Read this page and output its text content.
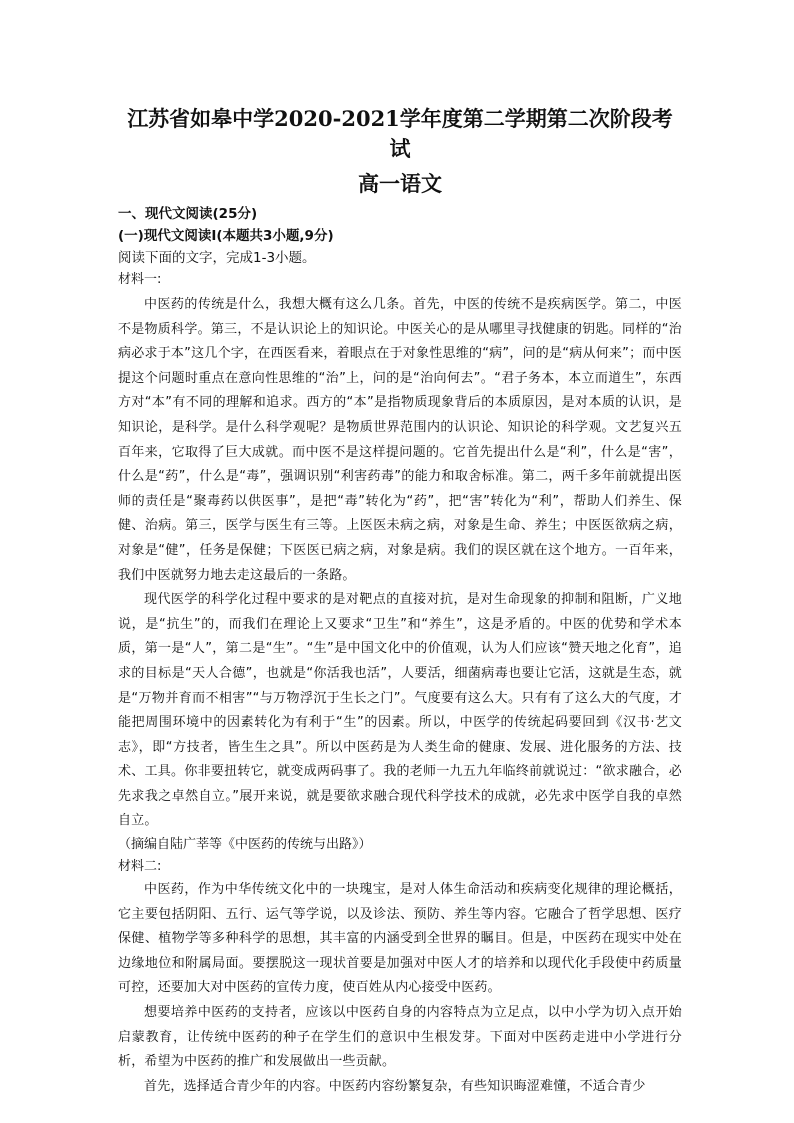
江苏省如皋中学2020-2021学年度第二学期第二次阶段考试

高一语文

一、现代文阅读(25分)

(一)现代文阅读Ⅰ(本题共3小题,9分)

阅读下面的文字，完成1-3小题。

材料一:

中医药的传统是什么，我想大概有这么几条。首先，中医的传统不是疾病医学。第二，中医不是物质科学。第三，不是认识论上的知识论。中医关心的是从哪里寻找健康的钥匙。同样的“治病必求于本”这几个字，在西医看来，着眼点在于对象性思维的“病”，问的是“病从何来”；而中医提这个问题时重点在意向性思维的“治”上，问的是“治向何去”。“君子务本，本立而道生”，东西方对“本”有不同的理解和追求。西方的“本”是指物质现象背后的本质原因，是对本质的认识，是知识论，是科学。是什么科学观呢？是物质世界范围内的认识论、知识论的科学观。文艺复兴五百年来，它取得了巨大成就。而中医不是这样提问题的。它首先提出什么是“利”，什么是“害”，什么是“药”，什么是“毒”，强调识别“利害药毒”的能力和取舍标准。第二，两千多年前就提出医师的责任是“聚毒药以供医事”，是把“毒”转化为“药”，把“害”转化为“利”，帮助人们养生、保健、治病。第三，医学与医生有三等。上医医未病之病，对象是生命、养生；中医医欲病之病，对象是“健”，任务是保健；下医医已病之病，对象是病。我们的误区就在这个地方。一百年来，我们中医就努力地去走这最后的一条路。

现代医学的科学化过程中要求的是对靶点的直接对抗，是对生命现象的抑制和阻断，广义地说，是“抗生”的，而我们在理论上又要求“卫生”和“养生”，这是矛盾的。中医的优势和学术本质，第一是“人”，第二是“生”。“生”是中国文化中的价值观，认为人们应该“赞天地之化育”，追求的目标是“天人合德”，也就是“你活我也活”，人要活，细菌病毒也要让它活，这就是生态，就是“万物并育而不相害”“与万物浮沉于生长之门”。气度要有这么大。只有有了这么大的气度，才能把周围环境中的因素转化为有利于“生”的因素。所以，中医学的传统起码要回到《汉书·艺文志》，即“方技者，皆生生之具”。所以中医药是为人类生命的健康、发展、进化服务的方法、技术、工具。你非要扭转它，就变成两码事了。我的老师一九五九年临终前就说过：“欲求融合，必先求我之卓然自立。”展开来说，就是要欲求融合现代科学技术的成就，必先求中医学自我的卓然自立。

（摘编自陆广莘等《中医药的传统与出路》）

材料二:

中医药，作为中华传统文化中的一块瑰宝，是对人体生命活动和疾病变化规律的理论概括，它主要包括阴阳、五行、运气等学说，以及诊法、预防、养生等内容。它融合了哲学思想、医疗保健、植物学等多种科学的思想，其丰富的内涵受到全世界的瞩目。但是，中医药在现实中处在边缘地位和附属局面。要摆脱这一现状首要是加强对中医人才的培养和以现代化手段使中药质量可控，还要加大对中医药的宣传力度，使百姓从内心接受中医药。

想要培养中医药的支持者，应该以中医药自身的内容特点为立足点，以中小学为切入点开始启蒙教育，让传统中医药的种子在学生们的意识中生根发芽。下面对中医药走进中小学进行分析，希望为中医药的推广和发展做出一些贡献。

首先，选择适合青少年的内容。中医药内容纷繁复杂，有些知识晦涩难懂，不适合青少
